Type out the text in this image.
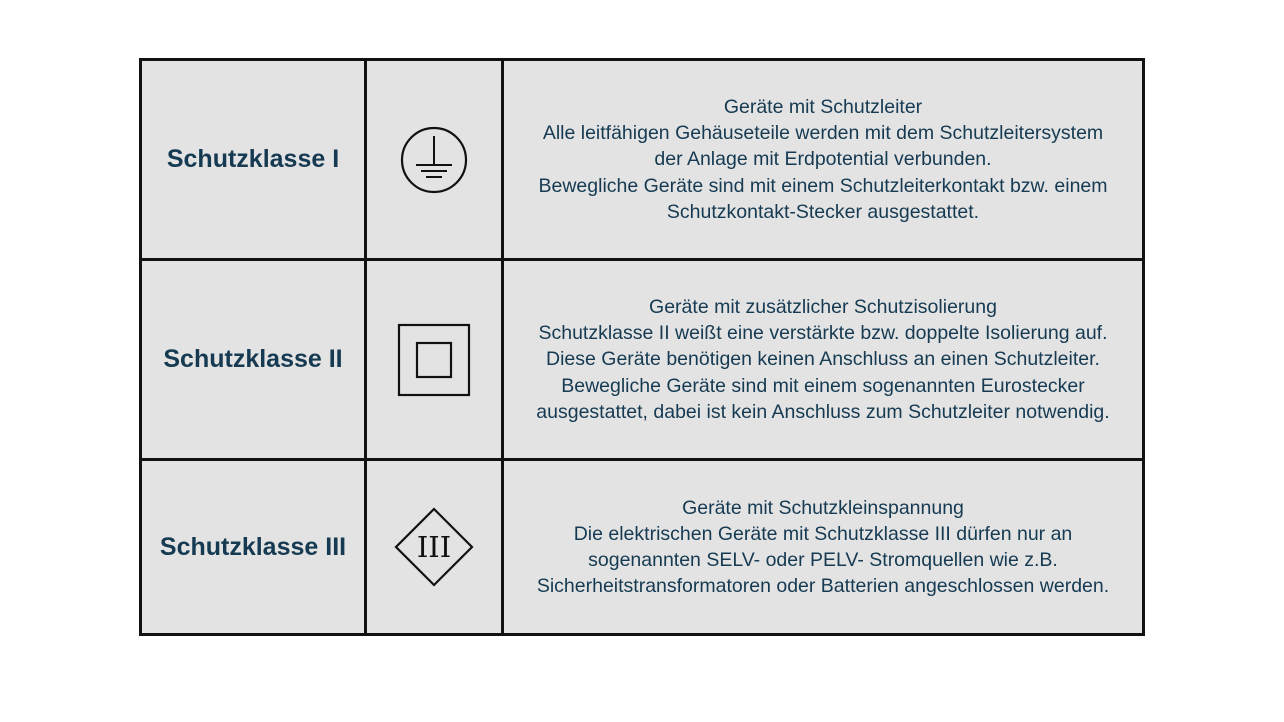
Schutzklasse I
Geräte mit Schutzleiter
Alle leitfähigen Gehäuseteile werden mit dem Schutzleitersystem
der Anlage mit Erdpotential verbunden.
Bewegliche Geräte sind mit einem Schutzleiterkontakt bzw. einem
Schutzkontakt-Stecker ausgestattet.
Schutzklasse II
Geräte mit zusätzlicher Schutzisolierung
Schutzklasse II weißt eine verstärkte bzw. doppelte Isolierung auf.
Diese Geräte benötigen keinen Anschluss an einen Schutzleiter.
Bewegliche Geräte sind mit einem sogenannten Eurostecker
ausgestattet, dabei ist kein Anschluss zum Schutzleiter notwendig.
Schutzklasse III	III
Geräte mit Schutzkleinspannung
Die elektrischen Geräte mit Schutzklasse III dürfen nur an
sogenannten SELV- oder PELV- Stromquellen wie z.B.
Sicherheitstransformatoren oder Batterien angeschlossen werden.
